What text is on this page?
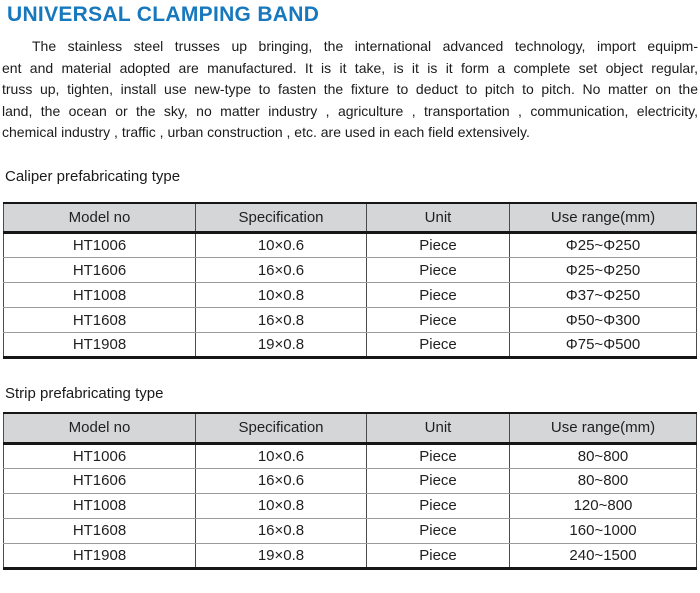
UNIVERSAL CLAMPING BAND
The stainless steel trusses up bringing, the international advanced technology, import equipm-
ent and material adopted are manufactured. It is it take, is it is it form a complete set object regular,
truss up, tighten, install use new-type to fasten the fixture to deduct to pitch to pitch. No matter on the
land, the ocean or the sky, no matter industry , agriculture , transportation , communication, electricity,
chemical industry , traffic , urban construction , etc. are used in each field extensively.
Caliper prefabricating type
Model no	Specification	Unit	Use range(mm)
HT1006	10×0.6	Piece	Φ25~Φ250
HT1606	16×0.6	Piece	Φ25~Φ250
HT1008	10×0.8	Piece	Φ37~Φ250
HT1608	16×0.8	Piece	Φ50~Φ300
HT1908	19×0.8	Piece	Φ75~Φ500
Strip prefabricating type
Model no	Specification	Unit	Use range(mm)
HT1006	10×0.6	Piece	80~800
HT1606	16×0.6	Piece	80~800
HT1008	10×0.8	Piece	120~800
HT1608	16×0.8	Piece	160~1000
HT1908	19×0.8	Piece	240~1500
